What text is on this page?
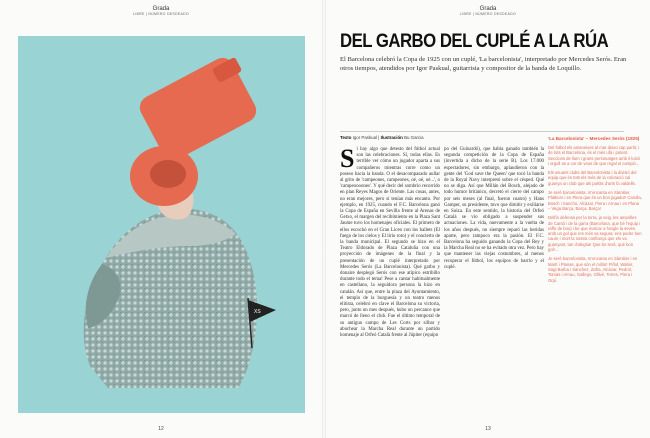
Grada
LIBRE | NÚMERO DESDEADO
XS
12
Grada
LIBRE | NÚMERO DESDEADO
DEL GARBO DEL CUPLÉ A LA RÚA

El Barcelona celebró la Copa de 1925 con un cuplé, 'La barcelonista', interpretado por Mercedes Serós. Eran otros tiempos, atendidos por Igor Paskual, guitarrista y compositor de la banda de Loquillo.

Texto Igor Paskual | Ilustración Bu Garcia
Si hay algo que detesto del fútbol actual son las celebraciones. Sí, todas ellas. Es terrible ver cómo un jugador aparta a sus compañeros mientras corre como un poseso hacia la banda. O el desacompasado aullar al grito de 'campeones, campeones, oé, oé, oé...', o 'campeoooones'. Y qué decir del sombrío recorrido en plan Reyes Magos de Oriente. Las cosas, antes, no eran mejores, pero sí tenían más encanto. Por ejemplo, en 1925, cuando el F.C. Barcelona ganó la Copa de España en Sevilla frente al Arenas de Getxo, el margen del recibimiento en la Plaza Sant Jaume tuvo los homenajes oficiales. El primero de ellos escuchó en el Gran Liceo con los ballets (El fuego de los cielos y El lirio roto) y el concierto de la banda municipal. El segundo se hizo en el Teatro Eldorado de Plaza Cataluña con una proyección de imágenes de la final y la presentación de un cuplé interpretado por Mercedes Serós (La Barcelonista). Qué garbo y donaire desplegó Serós con ese atípico estribillo durante todo el tema! Pese a cantar habitualmente en castellano, la seguidora persona la hizo en catalán. Así que, entre la plaza del Ayuntamiento, el templo de la burguesía y un teatro menos elitista, celebró en clave el Barcelona su victoria, pero, junto un mes después, hubo un percance que marcó de lleno el club. Fue el último temporal de su antiguo campo de Les Corts por silbar y abuchear la Marcha Real durante un partido homenaje al Orfeó Català frente al Júpiter (equipo
po del Guinardó), que había ganado también la segunda competición de la Copa de España (invertida a dicho de la serie B). Los 17.000 espectadores, sin embargo, aplaudieron con la gente del 'God save the Queen' que tocó la banda de la Royal Navy interpretó sobre el césped. Qué no se diga. Así que Millán del Bosch, alejado de todo humor británico, decretó el cierre del campo por seis meses (al final, fueron cuatro) y Hans Gamper, su presidente, tuvo que dimitir y exiliarse en Suiza. En este sentido, la historia del Orfeó Català se vio obligado a suspender sus actuaciones. La vida, nuevamente a la vuelta de los años después, no siempre reparó las heridas aparte, pero tampoco era la pasión. El F.C. Barcelona ha seguido ganando la Copa del Rey y la Marcha Real no se ha evitado otra vez. Pero hay que mantener las viejas costumbres, al menos recuperar el fútbol, los equipos de barrio y el cuplé.

'La Barcelonista' – Mercedes Serós (1925)

Del futbol els amaneixes al mar deixo cap partit, i de tots el Barcelona, és el més ufà i potent. Seccions de llum i grans personatges amb il·lusió i orgull as a cor de veus de que regal el campió...

Els usuaris clubs del Barcelonista i la divisió del equip que és tots els més de la coloració cal guanya un club que als partits d'arts fa valdells.

Je seré barcelonista, m'encanta en Sàmitier, Platkoro i en Piera que és un bon jugador! Carulla, Bosch i Sancho, Alcàzar, Piera i Arnau i en Plana – Vega Barça, Barça, Barça!

Delfín defensa per la terra, ja veig, les ampolles de Cantó i de la garra (Barcelona, que bé l'equip i raffe de bou) i be que marcar a l'angle la seves amb un gol que res més va segura: ens poder ben caure i mort la nostra confiança que els va guanyant, tan d'alegria! Que bo serà, qué bon gol!...

Je seré barcelonista, m'encanta en Sàmitier i en Martí i Planas, que són el millor! Piñol, Walter, Sagi-Barba i Sànchez, Zafra, Alcàzar, Pedrol, Tomàs i Arnau, Gallego, Ollivé, Torres, Piera i Orpí.

13
